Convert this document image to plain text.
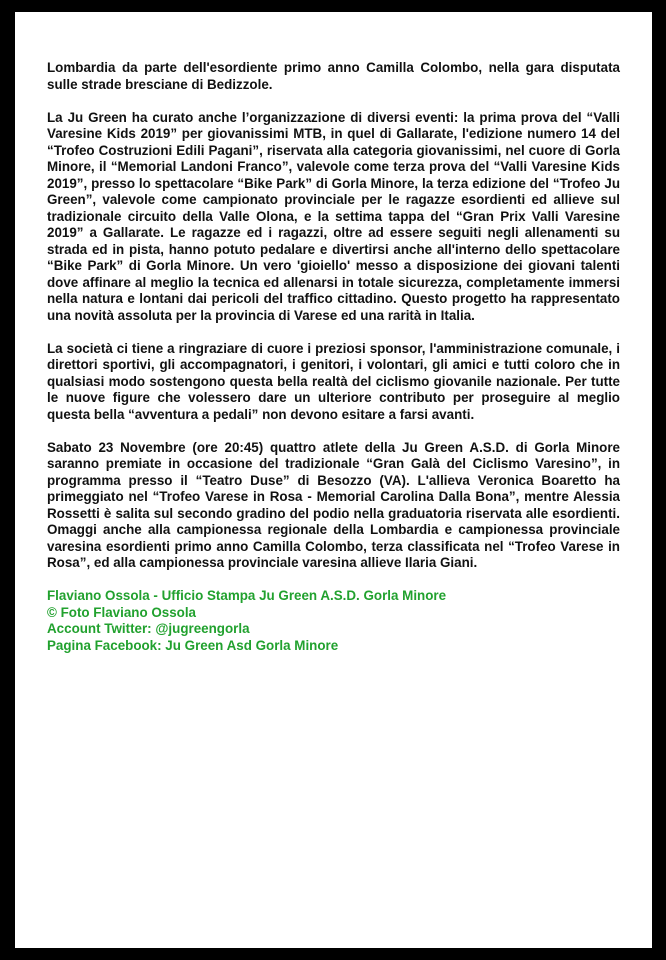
Lombardia da parte dell'esordiente primo anno Camilla Colombo, nella gara disputata sulle strade bresciane di Bedizzole.

La Ju Green ha curato anche l’organizzazione di diversi eventi: la prima prova del “Valli Varesine Kids 2019” per giovanissimi MTB, in quel di Gallarate, l'edizione numero 14 del “Trofeo Costruzioni Edili Pagani”, riservata alla categoria giovanissimi, nel cuore di Gorla Minore, il “Memorial Landoni Franco”, valevole come terza prova del “Valli Varesine Kids 2019”, presso lo spettacolare “Bike Park” di Gorla Minore, la terza edizione del “Trofeo Ju Green”, valevole come campionato provinciale per le ragazze esordienti ed allieve sul tradizionale circuito della Valle Olona, e la settima tappa del “Gran Prix Valli Varesine 2019” a Gallarate. Le ragazze ed i ragazzi, oltre ad essere seguiti negli allenamenti su strada ed in pista, hanno potuto pedalare e divertirsi anche all'interno dello spettacolare “Bike Park” di Gorla Minore. Un vero 'gioiello' messo a disposizione dei giovani talenti dove affinare al meglio la tecnica ed allenarsi in totale sicurezza, completamente immersi nella natura e lontani dai pericoli del traffico cittadino. Questo progetto ha rappresentato una novità assoluta per la provincia di Varese ed una rarità in Italia.

La società ci tiene a ringraziare di cuore i preziosi sponsor, l'amministrazione comunale, i direttori sportivi, gli accompagnatori, i genitori, i volontari, gli amici e tutti coloro che in qualsiasi modo sostengono questa bella realtà del ciclismo giovanile nazionale. Per tutte le nuove figure che volessero dare un ulteriore contributo per proseguire al meglio questa bella “avventura a pedali” non devono esitare a farsi avanti.

Sabato 23 Novembre (ore 20:45) quattro atlete della Ju Green A.S.D. di Gorla Minore saranno premiate in occasione del tradizionale “Gran Galà del Ciclismo Varesino”, in programma presso il “Teatro Duse” di Besozzo (VA). L'allieva Veronica Boaretto ha primeggiato nel “Trofeo Varese in Rosa - Memorial Carolina Dalla Bona”, mentre Alessia Rossetti è salita sul secondo gradino del podio nella graduatoria riservata alle esordienti. Omaggi anche alla campionessa regionale della Lombardia e campionessa provinciale varesina esordienti primo anno Camilla Colombo, terza classificata nel “Trofeo Varese in Rosa”, ed alla campionessa provinciale varesina allieve Ilaria Giani.

Flaviano Ossola - Ufficio Stampa Ju Green A.S.D. Gorla Minore
© Foto Flaviano Ossola
Account Twitter: @jugreengorla
Pagina Facebook: Ju Green Asd Gorla Minore
